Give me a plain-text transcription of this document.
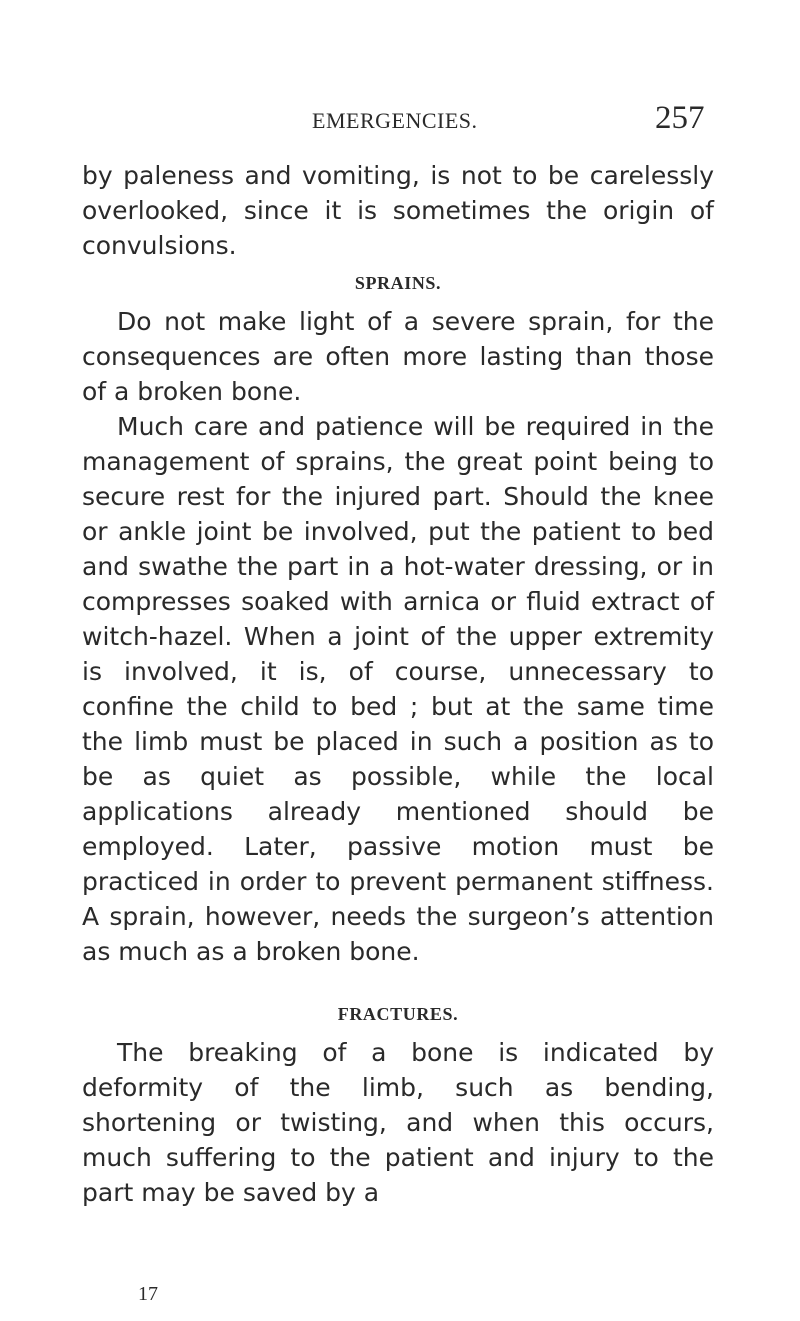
EMERGENCIES.	257

by paleness and vomiting, is not to be carelessly overlooked, since it is sometimes the origin of convulsions.

SPRAINS.

Do not make light of a severe sprain, for the consequences are often more lasting than those of a broken bone.

Much care and patience will be required in the management of sprains, the great point being to secure rest for the injured part. Should the knee or ankle joint be involved, put the patient to bed and swathe the part in a hot-water dressing, or in compresses soaked with arnica or fluid extract of witch-hazel. When a joint of the upper extremity is involved, it is, of course, unnecessary to confine the child to bed ; but at the same time the limb must be placed in such a position as to be as quiet as possible, while the local applications already mentioned should be employed. Later, passive motion must be practiced in order to prevent permanent stiffness. A sprain, however, needs the surgeon’s attention as much as a broken bone.

FRACTURES.

The breaking of a bone is indicated by deformity of the limb, such as bending, shortening or twisting, and when this occurs, much suffering to the patient and injury to the part may be saved by a

17
